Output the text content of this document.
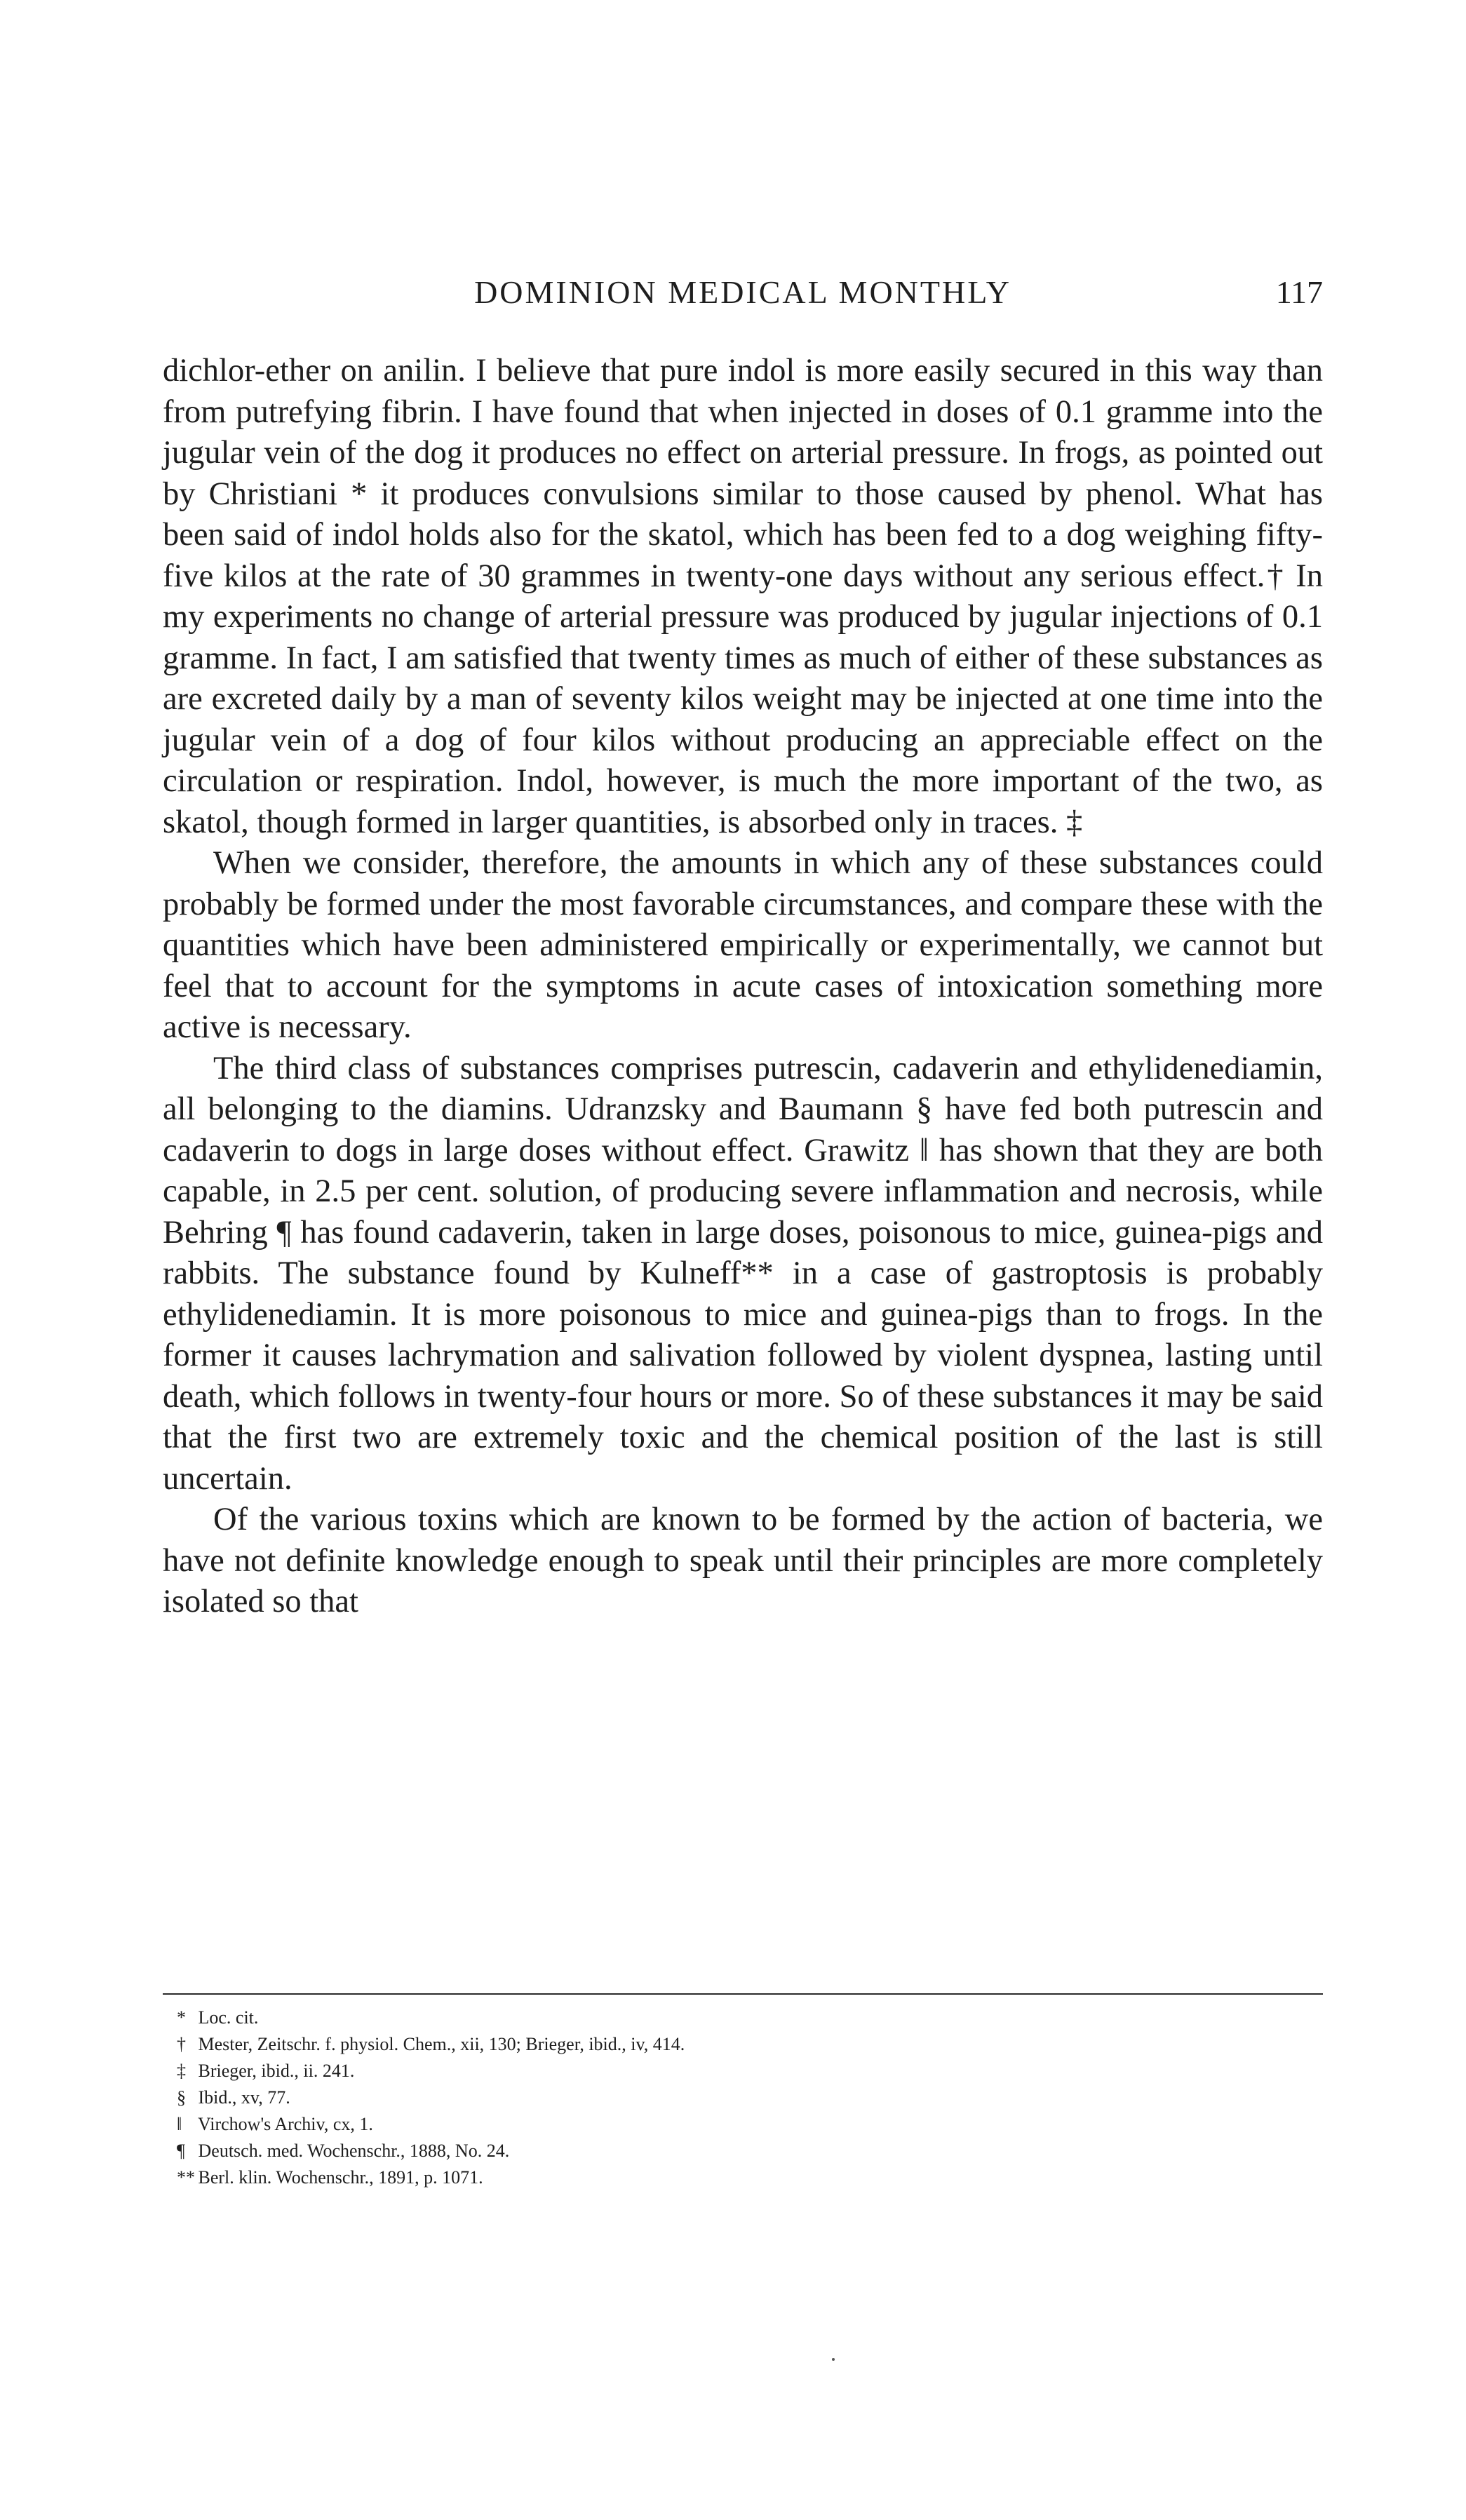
DOMINION MEDICAL MONTHLY	117

dichlor-ether on anilin. I believe that pure indol is more easily secured in this way than from putrefying fibrin. I have found that when injected in doses of 0.1 gramme into the jugular vein of the dog it produces no effect on arterial pressure. In frogs, as pointed out by Christiani * it produces convulsions similar to those caused by phenol. What has been said of indol holds also for the skatol, which has been fed to a dog weighing fifty-five kilos at the rate of 30 grammes in twenty-one days without any serious effect.† In my experiments no change of arterial pressure was produced by jugular injections of 0.1 gramme. In fact, I am satisfied that twenty times as much of either of these substances as are excreted daily by a man of seventy kilos weight may be injected at one time into the jugular vein of a dog of four kilos without producing an appreciable effect on the circulation or respiration. Indol, however, is much the more important of the two, as skatol, though formed in larger quantities, is absorbed only in traces. ‡

When we consider, therefore, the amounts in which any of these substances could probably be formed under the most favorable circumstances, and compare these with the quantities which have been administered empirically or experimentally, we cannot but feel that to account for the symptoms in acute cases of intoxication something more active is necessary.

The third class of substances comprises putrescin, cadaverin and ethylidenediamin, all belonging to the diamins. Udranzsky and Baumann § have fed both putrescin and cadaverin to dogs in large doses without effect. Grawitz ‖ has shown that they are both capable, in 2.5 per cent. solution, of producing severe inflammation and necrosis, while Behring ¶ has found cadaverin, taken in large doses, poisonous to mice, guinea-pigs and rabbits. The substance found by Kulneff** in a case of gastroptosis is probably ethylidenediamin. It is more poisonous to mice and guinea-pigs than to frogs. In the former it causes lachrymation and salivation followed by violent dyspnea, lasting until death, which follows in twenty-four hours or more. So of these substances it may be said that the first two are extremely toxic and the chemical position of the last is still uncertain.

Of the various toxins which are known to be formed by the action of bacteria, we have not definite knowledge enough to speak until their principles are more completely isolated so that

* Loc. cit.
† Mester, Zeitschr. f. physiol. Chem., xii, 130; Brieger, ibid., iv, 414.
‡ Brieger, ibid., ii. 241.
§ Ibid., xv, 77.
‖ Virchow's Archiv, cx, 1.
¶ Deutsch. med. Wochenschr., 1888, No. 24.
** Berl. klin. Wochenschr., 1891, p. 1071.
